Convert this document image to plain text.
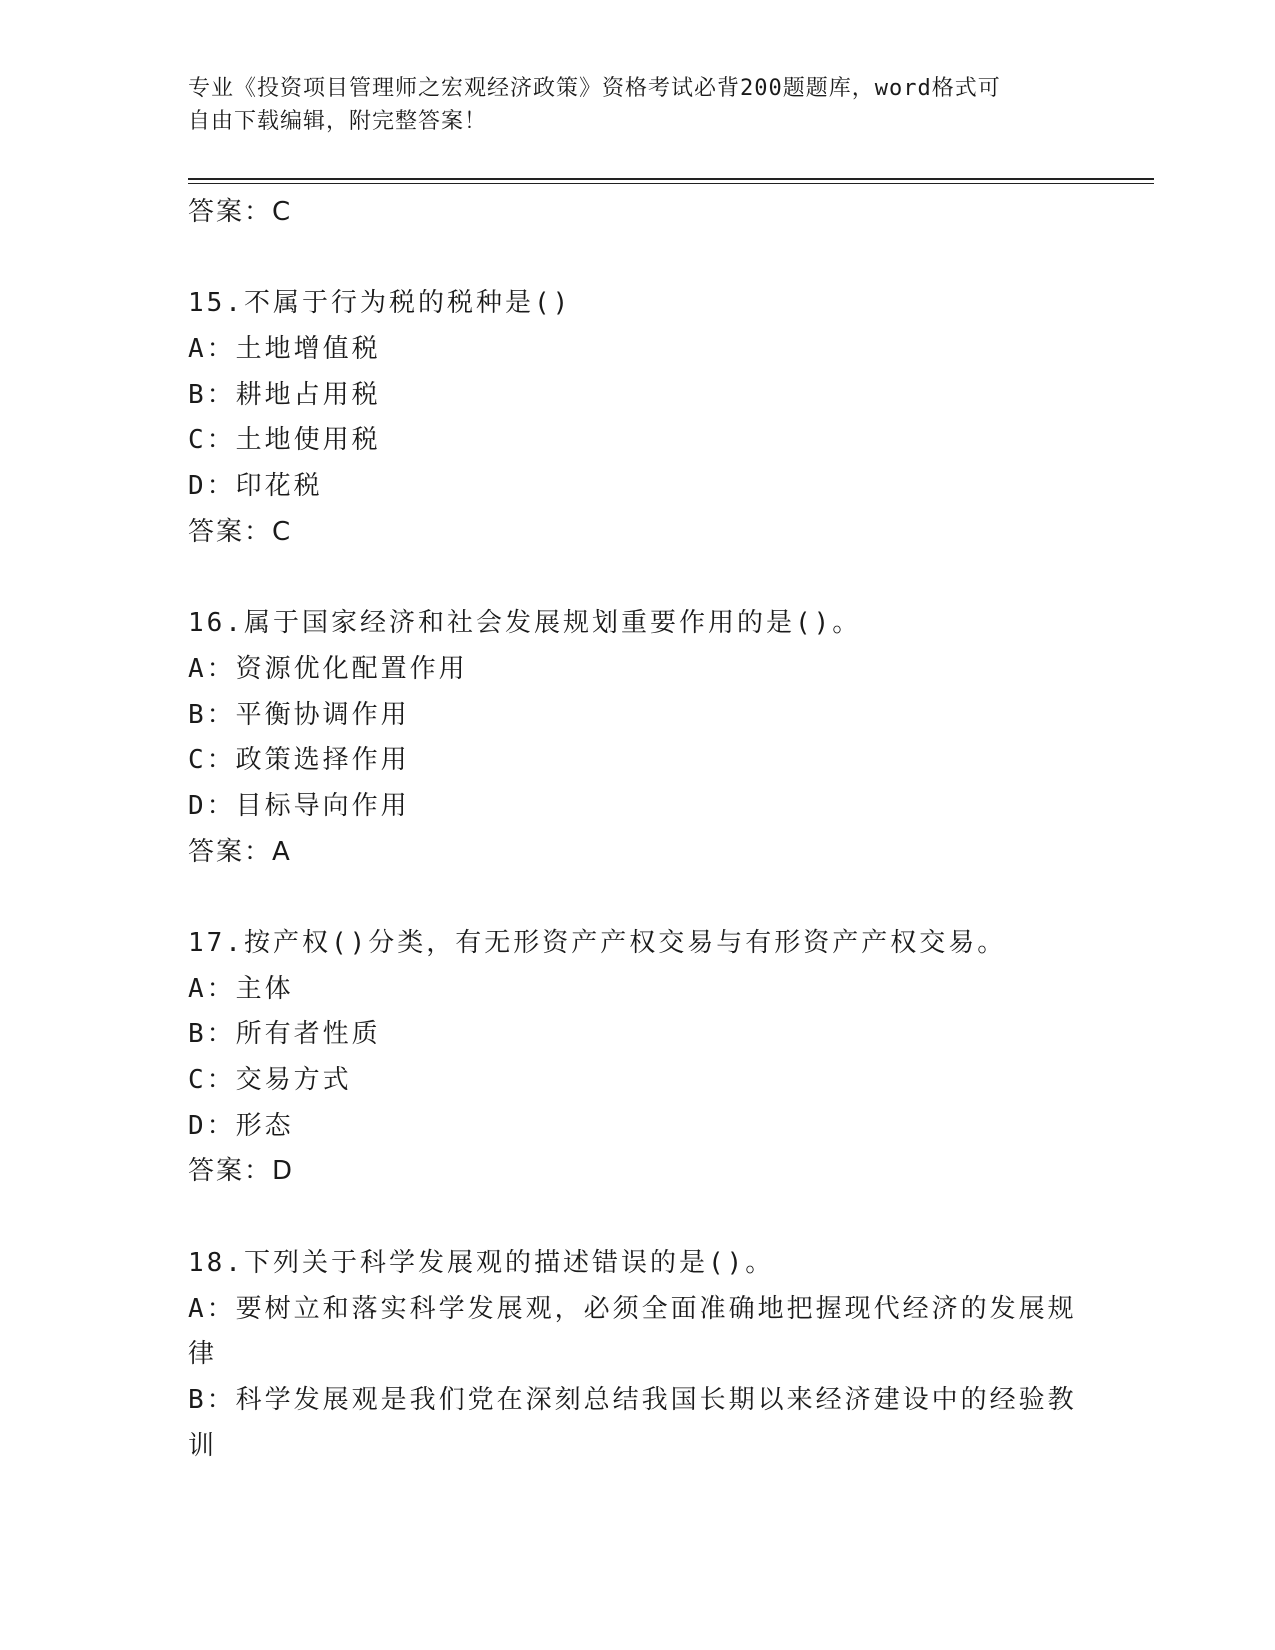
专业《投资项目管理师之宏观经济政策》资格考试必背200题题库，word格式可
自由下载编辑，附完整答案！
答案：C
15.不属于行为税的税种是()
A：土地增值税
B：耕地占用税
C：土地使用税
D：印花税
答案：C
16.属于国家经济和社会发展规划重要作用的是()。
A：资源优化配置作用
B：平衡协调作用
C：政策选择作用
D：目标导向作用
答案：A
17.按产权()分类，有无形资产产权交易与有形资产产权交易。
A：主体
B：所有者性质
C：交易方式
D：形态
答案：D
18.下列关于科学发展观的描述错误的是()。
A：要树立和落实科学发展观，必须全面准确地把握现代经济的发展规
律
B：科学发展观是我们党在深刻总结我国长期以来经济建设中的经验教
训
